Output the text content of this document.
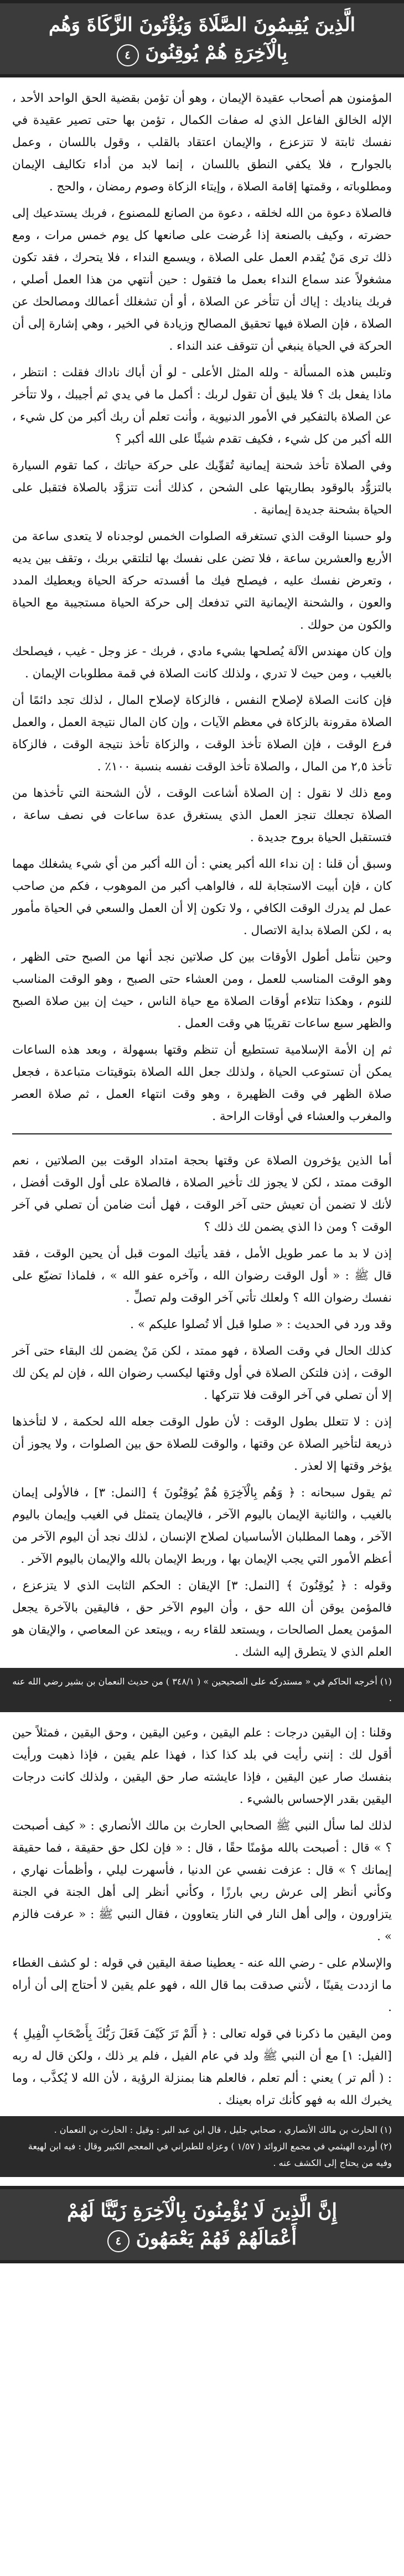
الَّذِينَ يُقِيمُونَ الصَّلَاةَ وَيُؤْتُونَ الزَّكَاةَ وَهُم
بِالْآخِرَةِ هُمْ يُوقِنُونَ ٤

المؤمنون هم أصحاب عقيدة الإيمان ، وهو أن تؤمن بقضية الحق الواحد الأحد ، الإله الخالق الفاعل الذي له صفات الكمال ، تؤمن بها حتى تصير عقيدة في نفسك ثابتة لا تتزعزع ، والإيمان اعتقاد بالقلب ، وقول باللسان ، وعمل بالجوارح ، فلا يكفي النطق باللسان ، إنما لابد من أداء تكاليف الإيمان ومطلوباته ، وقمتها إقامة الصلاة ، وإيتاء الزكاة وصوم رمضان ، والحج .

فالصلاة دعوة من الله لخلقه ، دعوة من الصانع للمصنوع ، فربك يستدعيك إلى حضرته ، وكيف بالصنعة إذا عُرضت على صانعها كل يوم خمس مرات ، ومع ذلك ترى مَنْ يُقدم العمل على الصلاة ، ويسمع النداء ، فلا يتحرك ، فقد تكون مشغولاً عند سماع النداء بعمل ما فتقول : حين أنتهي من هذا العمل أصلي ، فربك يناديك : إياك أن تتأخر عن الصلاة ، أو أن تشغلك أعمالك ومصالحك عن الصلاة ، فإن الصلاة فيها تحقيق المصالح وزيادة في الخير ، وهي إشارة إلى أن الحركة في الحياة ينبغي أن تتوقف عند النداء .

وتلبس هذه المسألة - ولله المثل الأعلى - لو أن أباك ناداك فقلت : انتظر ، ماذا يفعل بك ؟ فلا يليق أن تقول لربك : أكمل ما في يدي ثم أجيبك ، ولا تتأخر عن الصلاة بالتفكير في الأمور الدنيوية ، وأنت تعلم أن ربك أكبر من كل شيء ، الله أكبر من كل شيء ، فكيف تقدم شيئًا على الله أكبر ؟

وفي الصلاة تأخذ شحنة إيمانية تُقوِّيك على حركة حياتك ، كما تقوم السيارة بالتزوُّد بالوقود بطاريتها على الشحن ، كذلك أنت تتزوَّد بالصلاة فتقبل على الحياة بشحنة جديدة إيمانية .

ولو حسبنا الوقت الذي تستغرقه الصلوات الخمس لوجدناه لا يتعدى ساعة من الأربع والعشرين ساعة ، فلا تضن على نفسك بها لتلتقي بربك ، وتقف بين يديه ، وتعرض نفسك عليه ، فيصلح فيك ما أفسدته حركة الحياة ويعطيك المدد والعون ، والشحنة الإيمانية التي تدفعك إلى حركة الحياة مستجيبة مع الحياة والكون من حولك .

وإن كان مهندس الآلة يُصلحها بشيء مادي ، فربك - عز وجل - غيب ، فيصلحك بالغيب ، ومن حيث لا تدري ، ولذلك كانت الصلاة في قمة مطلوبات الإيمان .

فإن كانت الصلاة لإصلاح النفس ، فالزكاة لإصلاح المال ، لذلك تجد دائمًا أن الصلاة مقرونة بالزكاة في معظم الآيات ، وإن كان المال نتيجة العمل ، والعمل فرع الوقت ، فإن الصلاة تأخذ الوقت ، والزكاة تأخذ نتيجة الوقت ، فالزكاة تأخذ ٢,٥ من المال ، والصلاة تأخذ الوقت نفسه بنسبة ١٠٠٪ .

ومع ذلك لا نقول : إن الصلاة أشاعت الوقت ، لأن الشحنة التي تأخذها من الصلاة تجعلك تنجز العمل الذي يستغرق عدة ساعات في نصف ساعة ، فتستقبل الحياة بروح جديدة .

وسبق أن قلنا : إن نداء الله أكبر يعني : أن الله أكبر من أي شيء يشغلك مهما كان ، فإن أبيت الاستجابة لله ، فالواهب أكبر من الموهوب ، فكم من صاحب عمل لم يدرك الوقت الكافي ، ولا تكون إلا أن العمل والسعي في الحياة مأمور به ، لكن الصلاة بداية الاتصال .

وحين نتأمل أطول الأوقات بين كل صلاتين نجد أنها من الصبح حتى الظهر ، وهو الوقت المناسب للعمل ، ومن العشاء حتى الصبح ، وهو الوقت المناسب للنوم ، وهكذا تتلاءم أوقات الصلاة مع حياة الناس ، حيث إن بين صلاة الصبح والظهر سبع ساعات تقريبًا هي وقت العمل .

ثم إن الأمة الإسلامية تستطيع أن تنظم وقتها بسهولة ، وبعد هذه الساعات يمكن أن تستوعب الحياة ، ولذلك جعل الله الصلاة بتوقيتات متباعدة ، فجعل صلاة الظهر في وقت الظهيرة ، وهو وقت انتهاء العمل ، ثم صلاة العصر والمغرب والعشاء في أوقات الراحة .

أما الذين يؤخرون الصلاة عن وقتها بحجة امتداد الوقت بين الصلاتين ، نعم الوقت ممتد ، لكن لا يجوز لك تأخير الصلاة ، فالصلاة على أول الوقت أفضل ، لأنك لا تضمن أن تعيش حتى آخر الوقت ، فهل أنت ضامن أن تصلي في آخر الوقت ؟ ومن ذا الذي يضمن لك ذلك ؟

إذن لا بد ما عمر طويل الأمل ، فقد يأتيك الموت قبل أن يحين الوقت ، فقد قال ﷺ : « أول الوقت رضوان الله ، وآخره عفو الله » ، فلماذا تضيّع على نفسك رضوان الله ؟ ولعلك تأتي آخر الوقت ولم تصلِّ .

وقد ورد في الحديث : « صلوا قبل ألا تُصلوا عليكم » .

كذلك الحال في وقت الصلاة ، فهو ممتد ، لكن مَنْ يضمن لك البقاء حتى آخر الوقت ، إذن فلتكن الصلاة في أول وقتها ليكسب رضوان الله ، فإن لم يكن لك إلا أن تصلي في آخر الوقت فلا تتركها .

إذن : لا تتعلل بطول الوقت : لأن طول الوقت جعله الله لحكمة ، لا لتأخذها ذريعة لتأخير الصلاة عن وقتها ، والوقت للصلاة حق بين الصلوات ، ولا يجوز أن يؤخر وقتها إلا لعذر .

ثم يقول سبحانه : ﴿ وَهُم بِالْآخِرَةِ هُمْ يُوقِنُونَ ﴾ [النمل: ٣] ، فالأولى إيمان بالغيب ، والثانية الإيمان باليوم الآخر ، فالإيمان يتمثل في الغيب وإيمان باليوم الآخر ، وهما المطلبان الأساسيان لصلاح الإنسان ، لذلك نجد أن اليوم الآخر من أعظم الأمور التي يجب الإيمان بها ، وربط الإيمان بالله والإيمان باليوم الآخر .

وقوله : ﴿ يُوقِنُونَ ﴾ [النمل: ٣] الإيقان : الحكم الثابت الذي لا يتزعزع ، فالمؤمن يوقن أن الله حق ، وأن اليوم الآخر حق ، فاليقين بالآخرة يجعل المؤمن يعمل الصالحات ، ويستعد للقاء ربه ، ويبتعد عن المعاصي ، والإيقان هو العلم الذي لا يتطرق إليه الشك .

(١) أخرجه الحاكم في « مستدركه على الصحيحين » ( ٣٤٨/١ ) من حديث النعمان بن بشير رضي الله عنه .

وقلنا : إن اليقين درجات : علم اليقين ، وعين اليقين ، وحق اليقين ، فمثلاً حين أقول لك : إنني رأيت في بلد كذا كذا ، فهذا علم يقين ، فإذا ذهبت ورأيت بنفسك صار عين اليقين ، فإذا عايشته صار حق اليقين ، ولذلك كانت درجات اليقين بقدر الإحساس بالشيء .

لذلك لما سأل النبي ﷺ الصحابي الحارث بن مالك الأنصاري : « كيف أصبحت ؟ » قال : أصبحت بالله مؤمنًا حقًا ، قال : « فإن لكل حق حقيقة ، فما حقيقة إيمانك ؟ » قال : عزفت نفسي عن الدنيا ، فأسهرت ليلي ، وأظمأت نهاري ، وكأني أنظر إلى عرش ربي بارزًا ، وكأني أنظر إلى أهل الجنة في الجنة يتزاورون ، وإلى أهل النار في النار يتعاوون ، فقال النبي ﷺ : « عرفت فالزم » .

والإسلام على - رضي الله عنه - يعطينا صفة اليقين في قوله : لو كشف الغطاء ما ازددت يقينًا ، لأنني صدقت بما قال الله ، فهو علم يقين لا أحتاج إلى أن أراه .

ومن اليقين ما ذكرنا في قوله تعالى : ﴿ أَلَمْ تَرَ كَيْفَ فَعَلَ رَبُّكَ بِأَصْحَابِ الْفِيلِ ﴾ [الفيل: ١] مع أن النبي ﷺ ولد في عام الفيل ، فلم ير ذلك ، ولكن قال له ربه : ( ألم تر ) يعني : ألم تعلم ، فالعلم هنا بمنزلة الرؤية ، لأن الله لا يُكذَّب ، وما يخبرك الله به فهو كأنك تراه بعينك .

(١) الحارث بن مالك الأنصاري ، صحابي جليل ، قال ابن عبد البر : وقيل : الحارث بن النعمان .

(٢) أورده الهيثمي في مجمع الزوائد ( ١/٥٧ ) وعزاه للطبراني في المعجم الكبير وقال : فيه ابن لهيعة وفيه من يحتاج إلى الكشف عنه .

إِنَّ الَّذِينَ لَا يُؤْمِنُونَ بِالْآخِرَةِ زَيَّنَّا لَهُمْ
أَعْمَالَهُمْ فَهُمْ يَعْمَهُونَ ٤
